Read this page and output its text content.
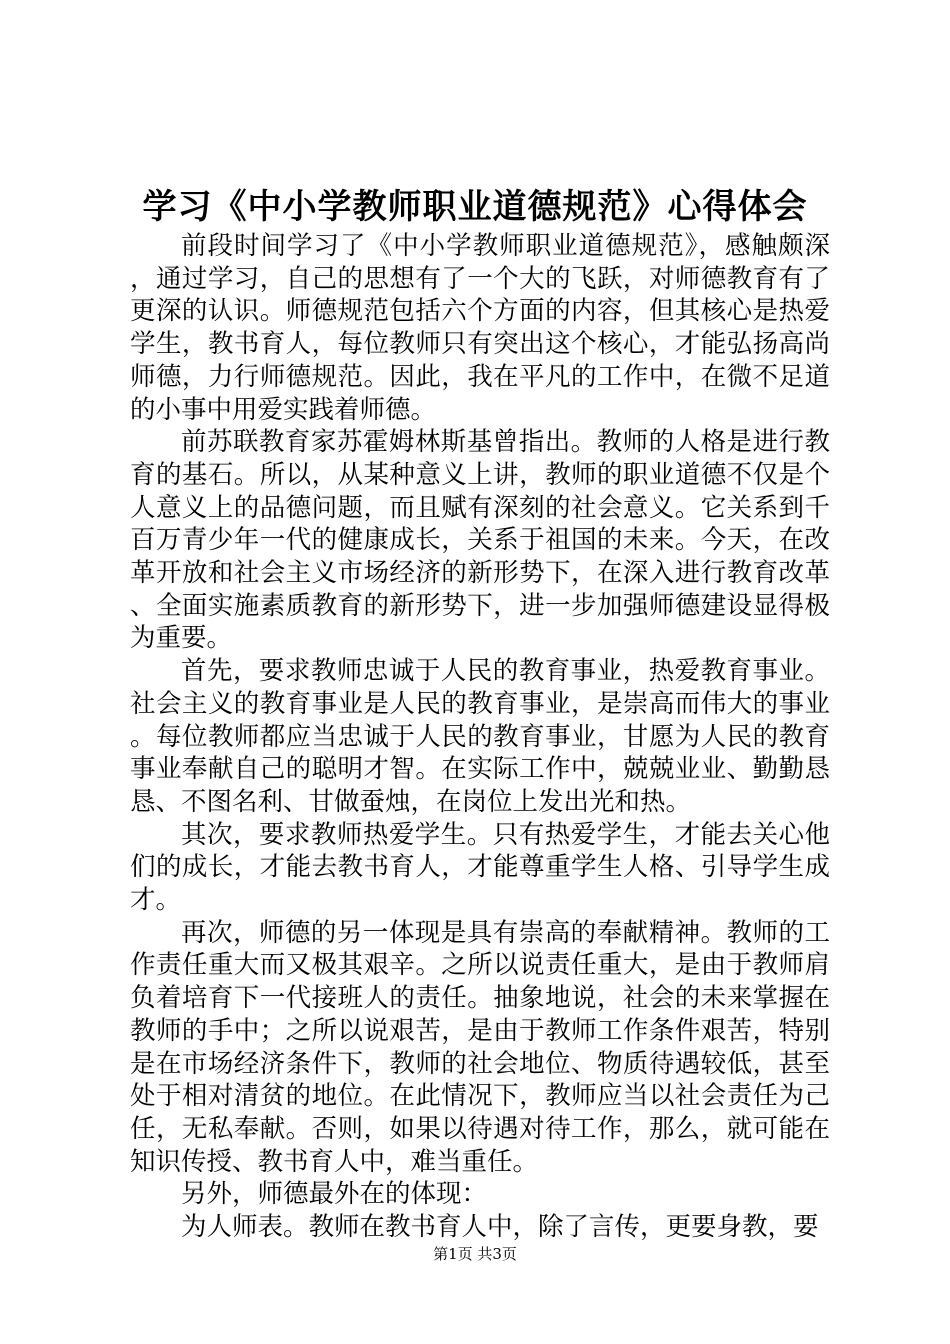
学习《中小学教师职业道德规范》心得体会

前段时间学习了《中小学教师职业道德规范》，感触颇深，通过学习，自己的思想有了一个大的飞跃，对师德教育有了更深的认识。师德规范包括六个方面的内容，但其核心是热爱学生，教书育人，每位教师只有突出这个核心，才能弘扬高尚师德，力行师德规范。因此，我在平凡的工作中，在微不足道的小事中用爱实践着师德。

前苏联教育家苏霍姆林斯基曾指出。教师的人格是进行教育的基石。所以，从某种意义上讲，教师的职业道德不仅是个人意义上的品德问题，而且赋有深刻的社会意义。它关系到千百万青少年一代的健康成长，关系于祖国的未来。今天，在改革开放和社会主义市场经济的新形势下，在深入进行教育改革、全面实施素质教育的新形势下，进一步加强师德建设显得极为重要。

首先，要求教师忠诚于人民的教育事业，热爱教育事业。社会主义的教育事业是人民的教育事业，是崇高而伟大的事业。每位教师都应当忠诚于人民的教育事业，甘愿为人民的教育事业奉献自己的聪明才智。在实际工作中，兢兢业业、勤勤恳恳、不图名利、甘做蚕烛，在岗位上发出光和热。

其次，要求教师热爱学生。只有热爱学生，才能去关心他们的成长，才能去教书育人，才能尊重学生人格、引导学生成才。

再次，师德的另一体现是具有崇高的奉献精神。教师的工作责任重大而又极其艰辛。之所以说责任重大，是由于教师肩负着培育下一代接班人的责任。抽象地说，社会的未来掌握在教师的手中；之所以说艰苦，是由于教师工作条件艰苦，特别是在市场经济条件下，教师的社会地位、物质待遇较低，甚至处于相对清贫的地位。在此情况下，教师应当以社会责任为己任，无私奉献。否则，如果以待遇对待工作，那么，就可能在知识传授、教书育人中，难当重任。

另外，师德最外在的体现：

为人师表。教师在教书育人中，除了言传，更要身教，要

第1页 共3页
